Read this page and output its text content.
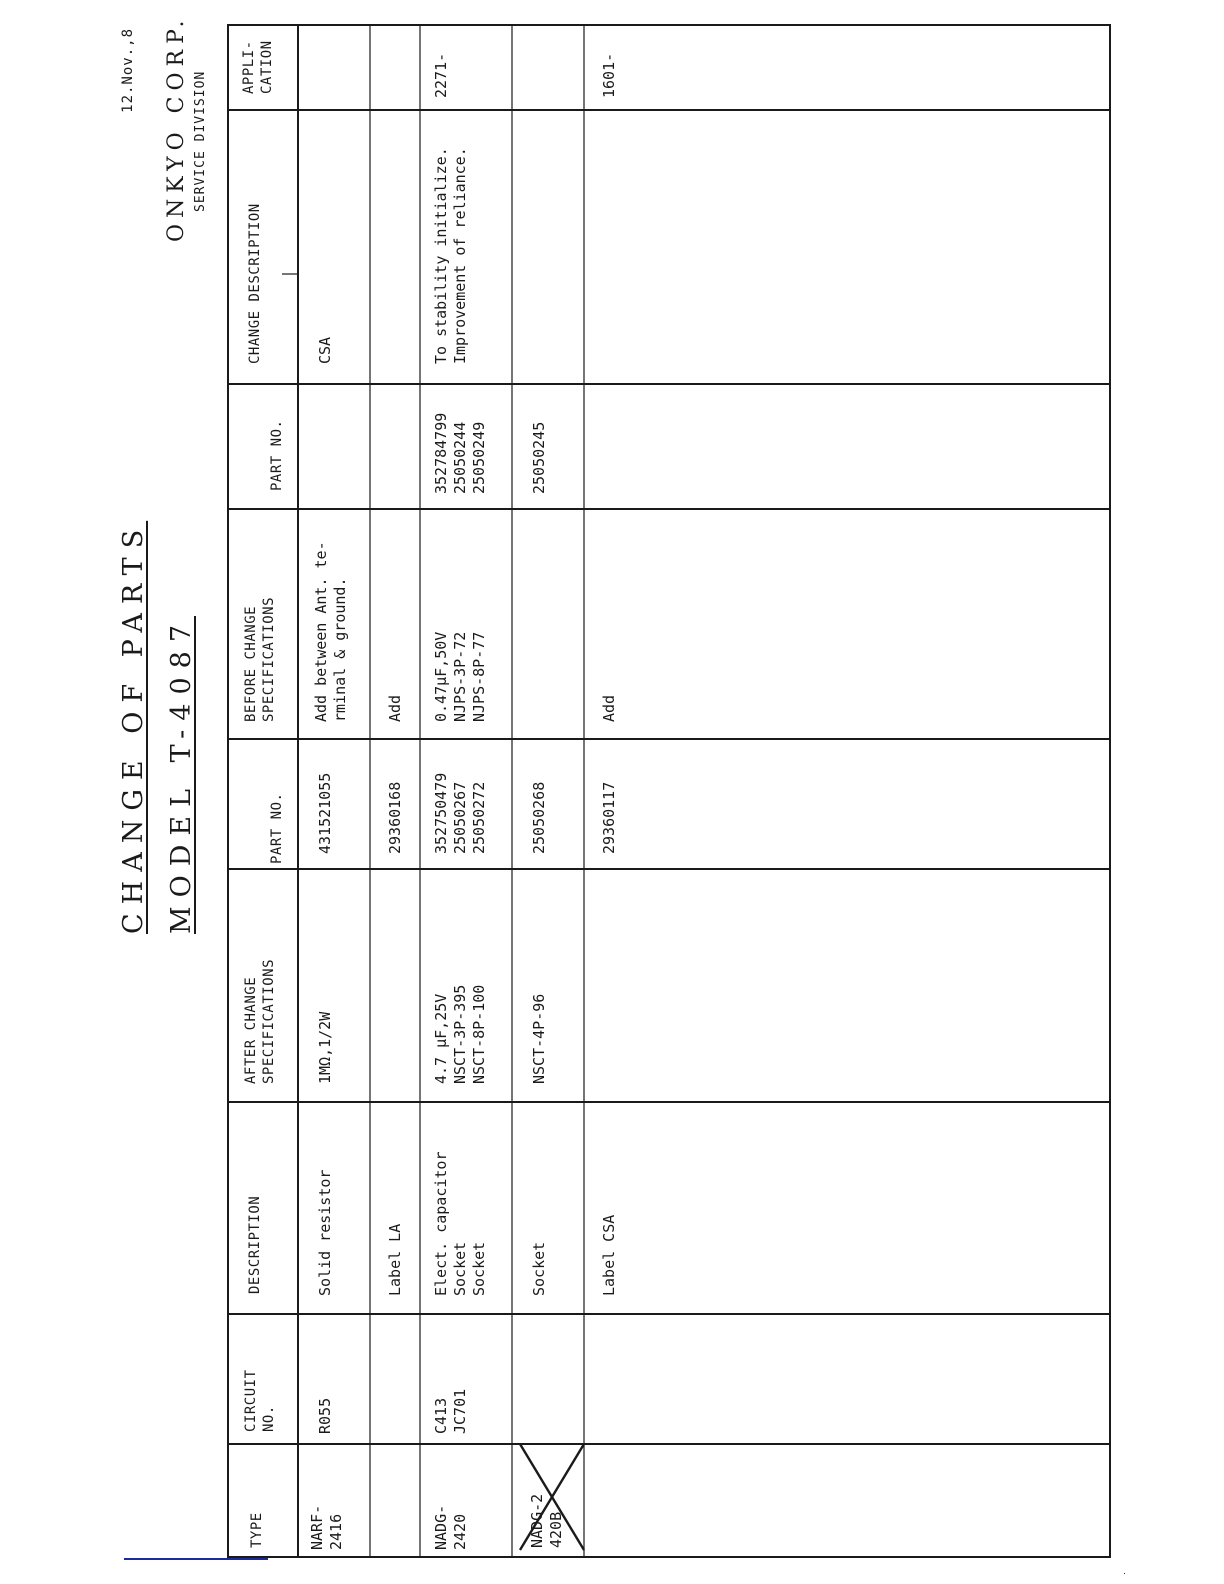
12.Nov.,8
CHANGE OF PARTS MODEL T-4087
ONKYO CORP. SERVICE DIVISION
TYPE
CIRCUIT
NO.
DESCRIPTION
AFTER CHANGE
SPECIFICATIONS
PART NO.
BEFORE CHANGE
SPECIFICATIONS
PART NO.
CHANGE DESCRIPTION
APPLI-
CATION
NARF-
2416
R055
Solid resistor
1MΩ,1/2W
431521055
Add between Ant. te-
rminal & ground.
CSA
Label LA
29360168
Add
NADG-
2420
C413
JC701
Elect. capacitor
Socket
Socket
4.7 μF,25V
NSCT-3P-395
NSCT-8P-100
352750479
25050267
25050272
0.47μF,50V
NJPS-3P-72
NJPS-8P-77
352784799
25050244
25050249
To stability initialize.
Improvement of reliance.
2271-
NADG-2
420B
Socket
NSCT-4P-96
25050268
25050245
Label CSA
29360117
Add
1601-
